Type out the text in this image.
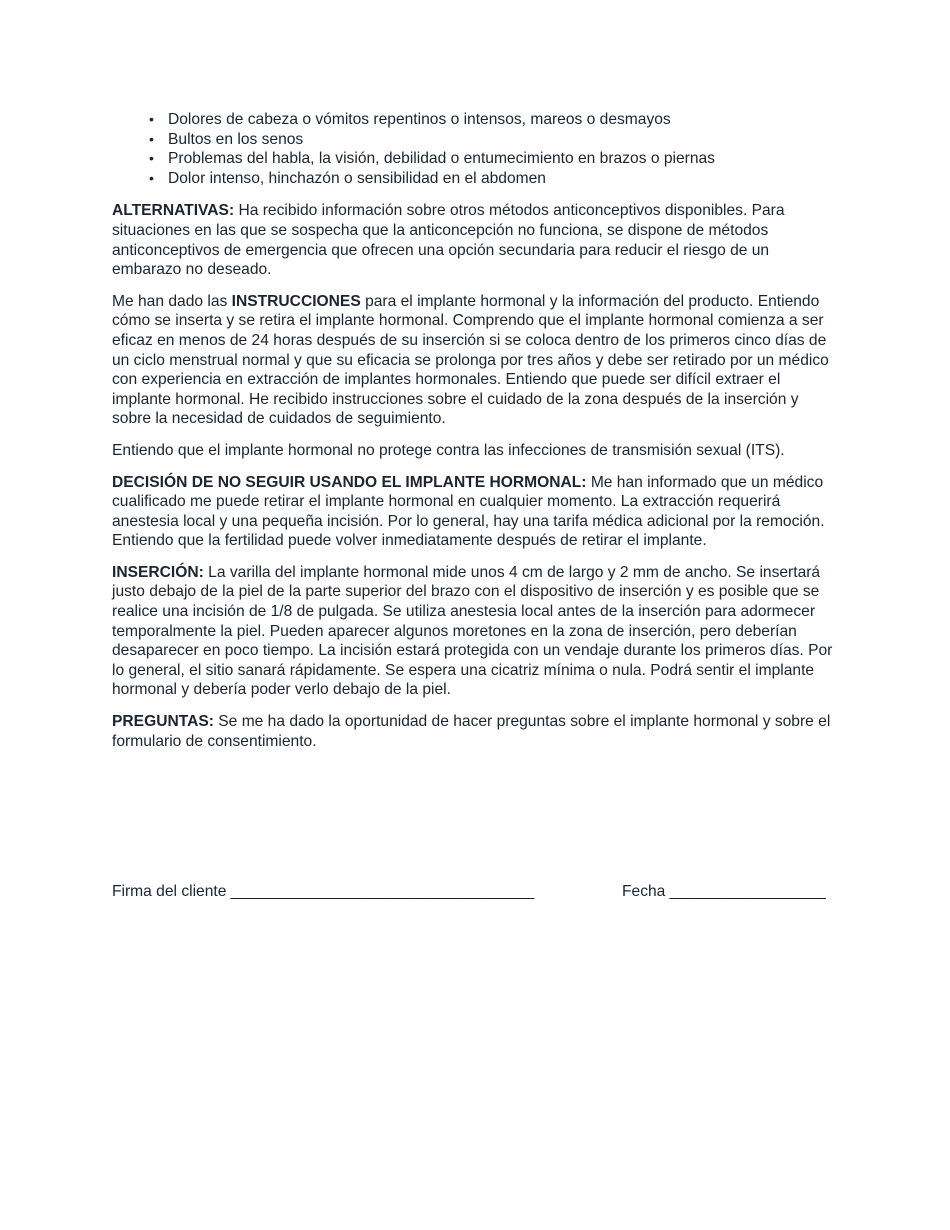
• Dolores de cabeza o vómitos repentinos o intensos, mareos o desmayos
• Bultos en los senos
• Problemas del habla, la visión, debilidad o entumecimiento en brazos o piernas
• Dolor intenso, hinchazón o sensibilidad en el abdomen

ALTERNATIVAS: Ha recibido información sobre otros métodos anticonceptivos disponibles. Para situaciones en las que se sospecha que la anticoncepción no funciona, se dispone de métodos anticonceptivos de emergencia que ofrecen una opción secundaria para reducir el riesgo de un embarazo no deseado.

Me han dado las INSTRUCCIONES para el implante hormonal y la información del producto. Entiendo cómo se inserta y se retira el implante hormonal. Comprendo que el implante hormonal comienza a ser eficaz en menos de 24 horas después de su inserción si se coloca dentro de los primeros cinco días de un ciclo menstrual normal y que su eficacia se prolonga por tres años y debe ser retirado por un médico con experiencia en extracción de implantes hormonales. Entiendo que puede ser difícil extraer el implante hormonal. He recibido instrucciones sobre el cuidado de la zona después de la inserción y sobre la necesidad de cuidados de seguimiento.

Entiendo que el implante hormonal no protege contra las infecciones de transmisión sexual (ITS).

DECISIÓN DE NO SEGUIR USANDO EL IMPLANTE HORMONAL: Me han informado que un médico cualificado me puede retirar el implante hormonal en cualquier momento. La extracción requerirá anestesia local y una pequeña incisión. Por lo general, hay una tarifa médica adicional por la remoción. Entiendo que la fertilidad puede volver inmediatamente después de retirar el implante.

INSERCIÓN: La varilla del implante hormonal mide unos 4 cm de largo y 2 mm de ancho. Se insertará justo debajo de la piel de la parte superior del brazo con el dispositivo de inserción y es posible que se realice una incisión de 1/8 de pulgada. Se utiliza anestesia local antes de la inserción para adormecer temporalmente la piel. Pueden aparecer algunos moretones en la zona de inserción, pero deberían desaparecer en poco tiempo. La incisión estará protegida con un vendaje durante los primeros días. Por lo general, el sitio sanará rápidamente. Se espera una cicatriz mínima o nula. Podrá sentir el implante hormonal y debería poder verlo debajo de la piel.

PREGUNTAS: Se me ha dado la oportunidad de hacer preguntas sobre el implante hormonal y sobre el formulario de consentimiento.

Firma del cliente ___________________________________	Fecha __________________
